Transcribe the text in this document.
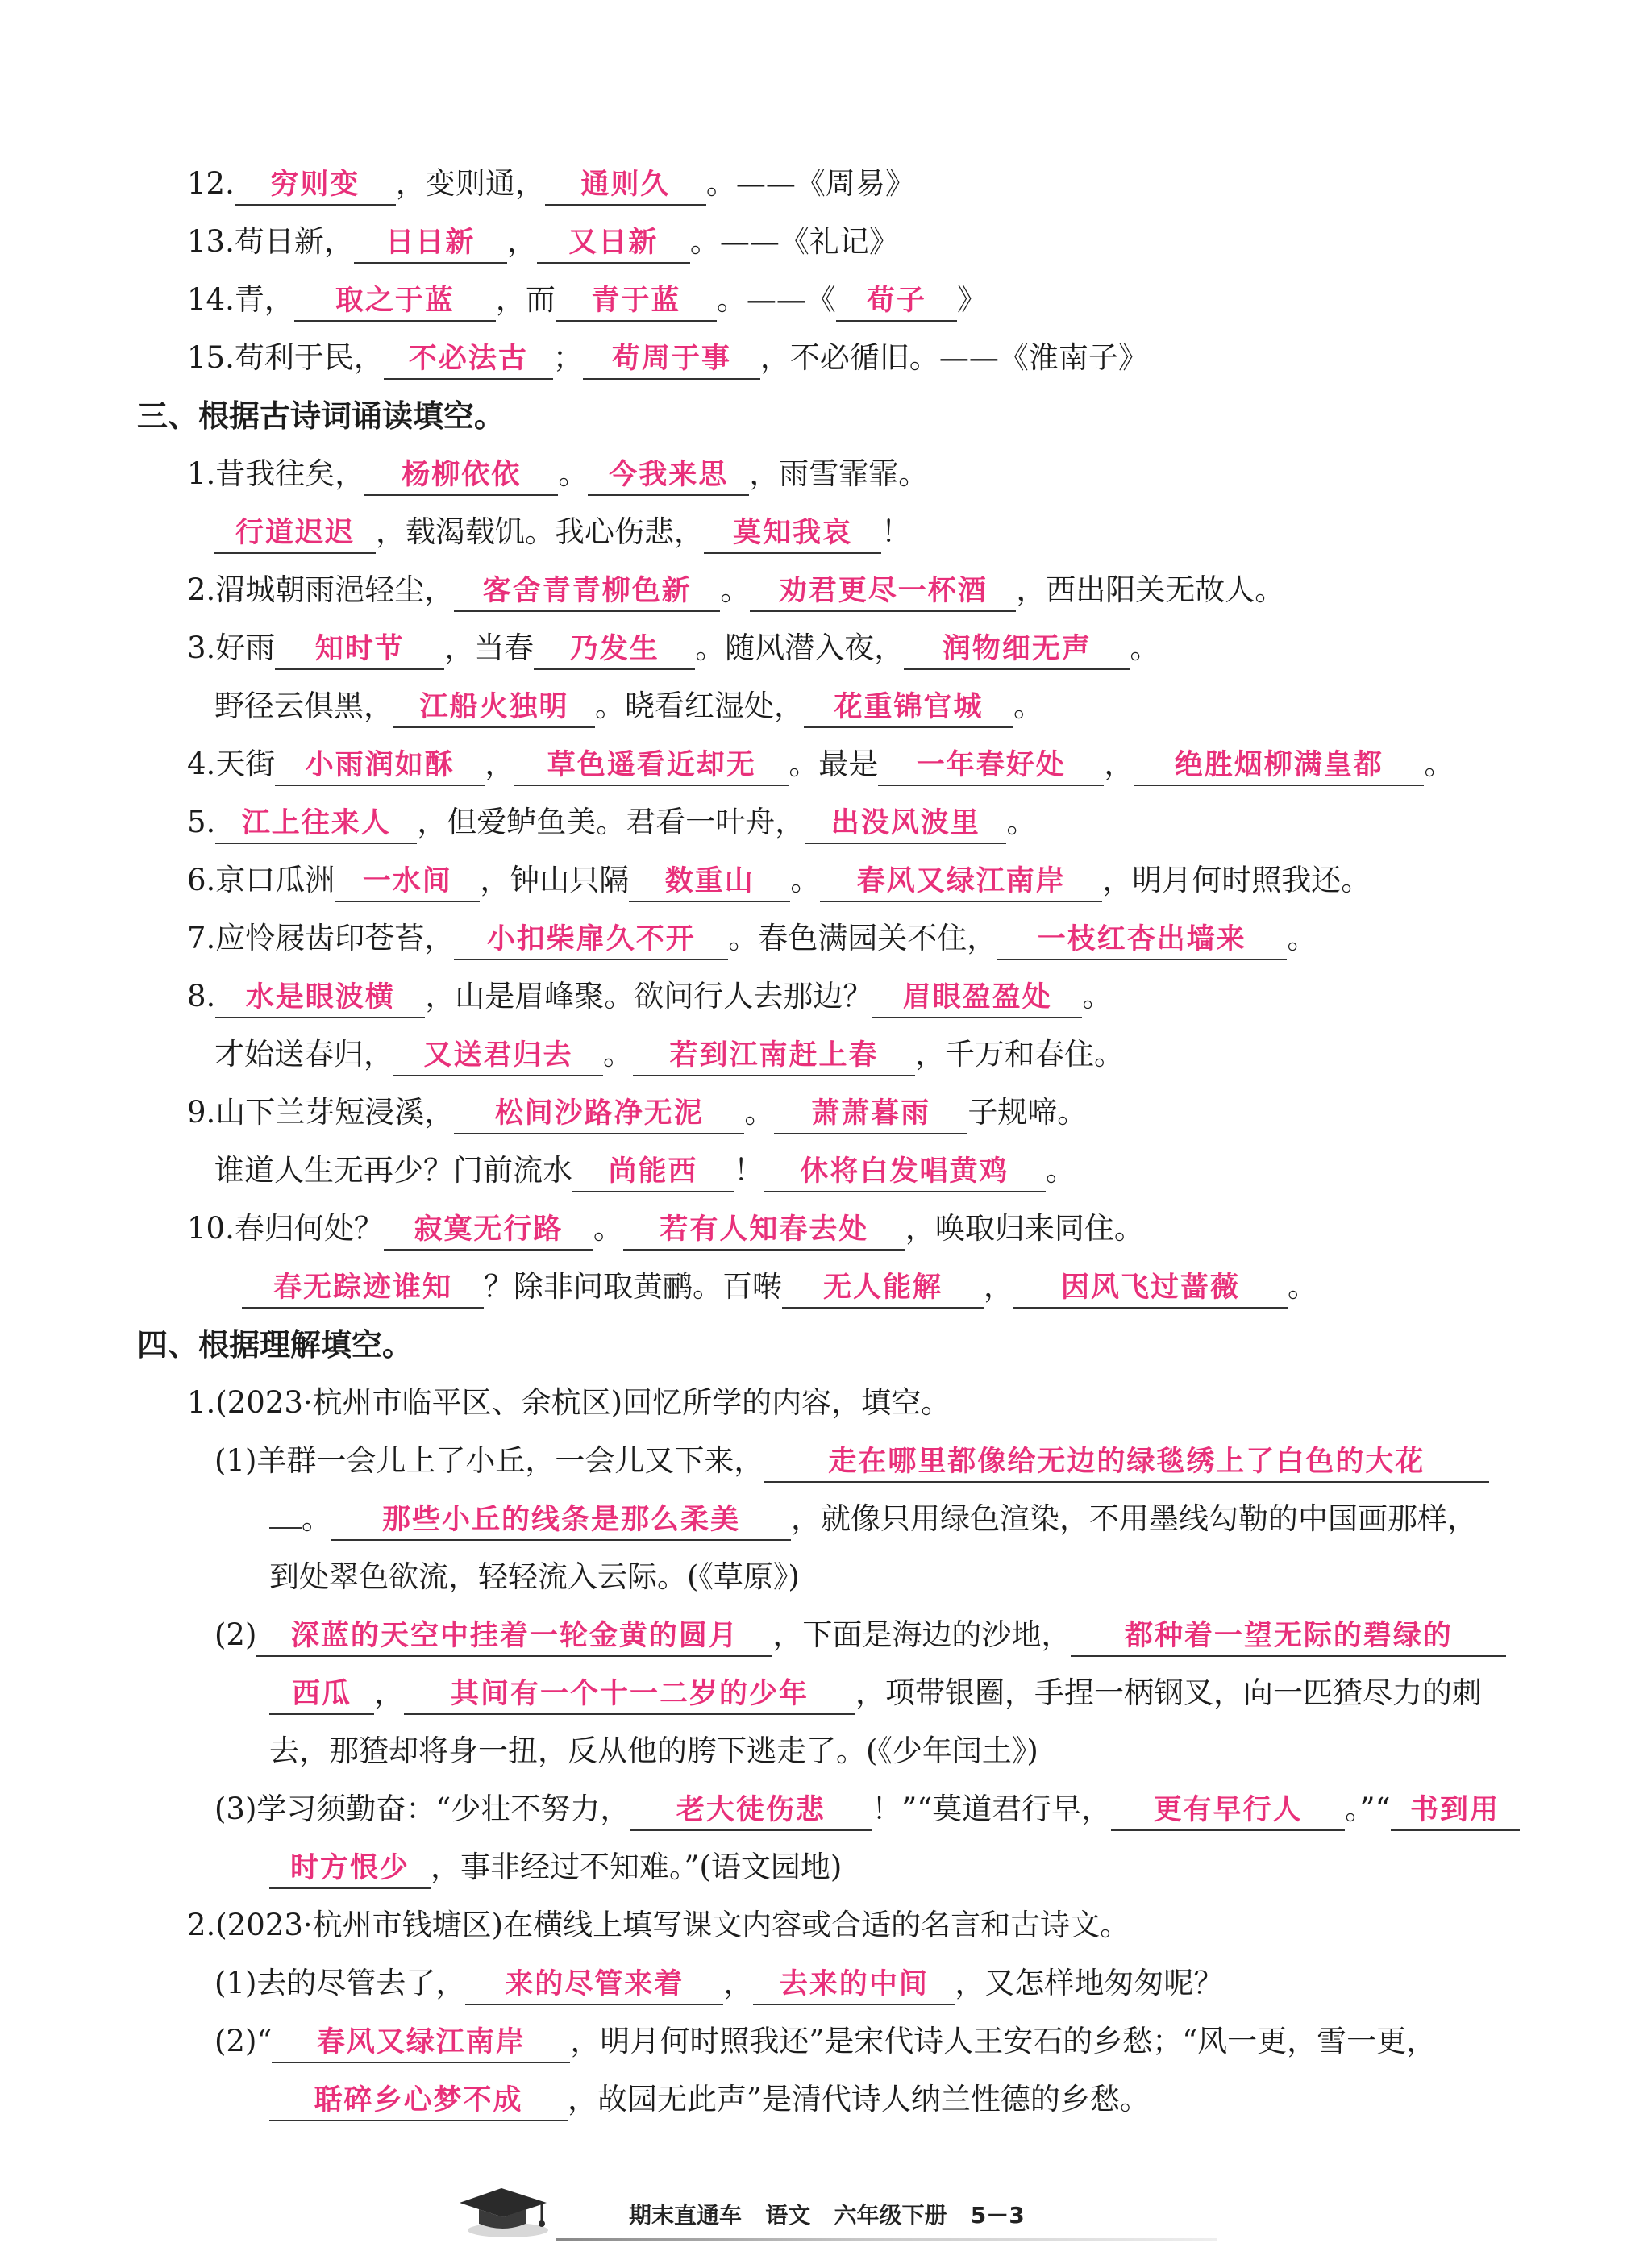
12. 穷则变 ，变则通， 通则久 。——《周易》
13.苟日新， 日日新 ， 又日新 。——《礼记》
14.青， 取之于蓝 ，而 青于蓝 。——《 荀子 》
15.苟利于民， 不必法古 ； 苟周于事 ，不必循旧。——《淮南子》
三、根据古诗词诵读填空。
1.昔我往矣， 杨柳依依 。 今我来思 ，雨雪霏霏。
行道迟迟 ，载渴载饥。我心伤悲， 莫知我哀 ！
2.渭城朝雨浥轻尘， 客舍青青柳色新 。 劝君更尽一杯酒 ，西出阳关无故人。
3.好雨 知时节 ，当春 乃发生 。随风潜入夜， 润物细无声 。
野径云俱黑， 江船火独明 。晓看红湿处， 花重锦官城 。
4.天街 小雨润如酥 ， 草色遥看近却无 。最是 一年春好处 ， 绝胜烟柳满皇都 。
5. 江上往来人 ，但爱鲈鱼美。君看一叶舟， 出没风波里 。
6.京口瓜洲 一水间 ，钟山只隔 数重山 。 春风又绿江南岸 ，明月何时照我还。
7.应怜屐齿印苍苔， 小扣柴扉久不开 。春色满园关不住， 一枝红杏出墙来 。
8. 水是眼波横 ，山是眉峰聚。欲问行人去那边？ 眉眼盈盈处 。
才始送春归， 又送君归去 。 若到江南赶上春 ，千万和春住。
9.山下兰芽短浸溪， 松间沙路净无泥 。 萧萧暮雨 子规啼。
谁道人生无再少？门前流水 尚能西 ！ 休将白发唱黄鸡 。
10.春归何处？ 寂寞无行路 。 若有人知春去处 ，唤取归来同住。
春无踪迹谁知 ？除非问取黄鹂。百啭 无人能解 ， 因风飞过蔷薇 。
四、根据理解填空。
1.(2023·杭州市临平区、余杭区)回忆所学的内容，填空。
(1)羊群一会儿上了小丘，一会儿又下来， 走在哪里都像给无边的绿毯绣上了白色的大花
。 那些小丘的线条是那么柔美 ，就像只用绿色渲染，不用墨线勾勒的中国画那样，
到处翠色欲流，轻轻流入云际。(《草原》)
(2) 深蓝的天空中挂着一轮金黄的圆月 ，下面是海边的沙地， 都种着一望无际的碧绿的
西瓜 ， 其间有一个十一二岁的少年 ，项带银圈，手捏一柄钢叉，向一匹猹尽力的刺
去，那猹却将身一扭，反从他的胯下逃走了。(《少年闰土》)
(3)学习须勤奋：“少壮不努力， 老大徒伤悲 ！”“莫道君行早， 更有早行人 。”“ 书到用
时方恨少 ，事非经过不知难。”(语文园地)
2.(2023·杭州市钱塘区)在横线上填写课文内容或合适的名言和古诗文。
(1)去的尽管去了， 来的尽管来着 ， 去来的中间 ，又怎样地匆匆呢？
(2)“ 春风又绿江南岸 ，明月何时照我还”是宋代诗人王安石的乡愁；“风一更，雪一更，
聒碎乡心梦不成 ，故园无此声”是清代诗人纳兰性德的乡愁。
期末直通车   语文   六年级下册   5－3
